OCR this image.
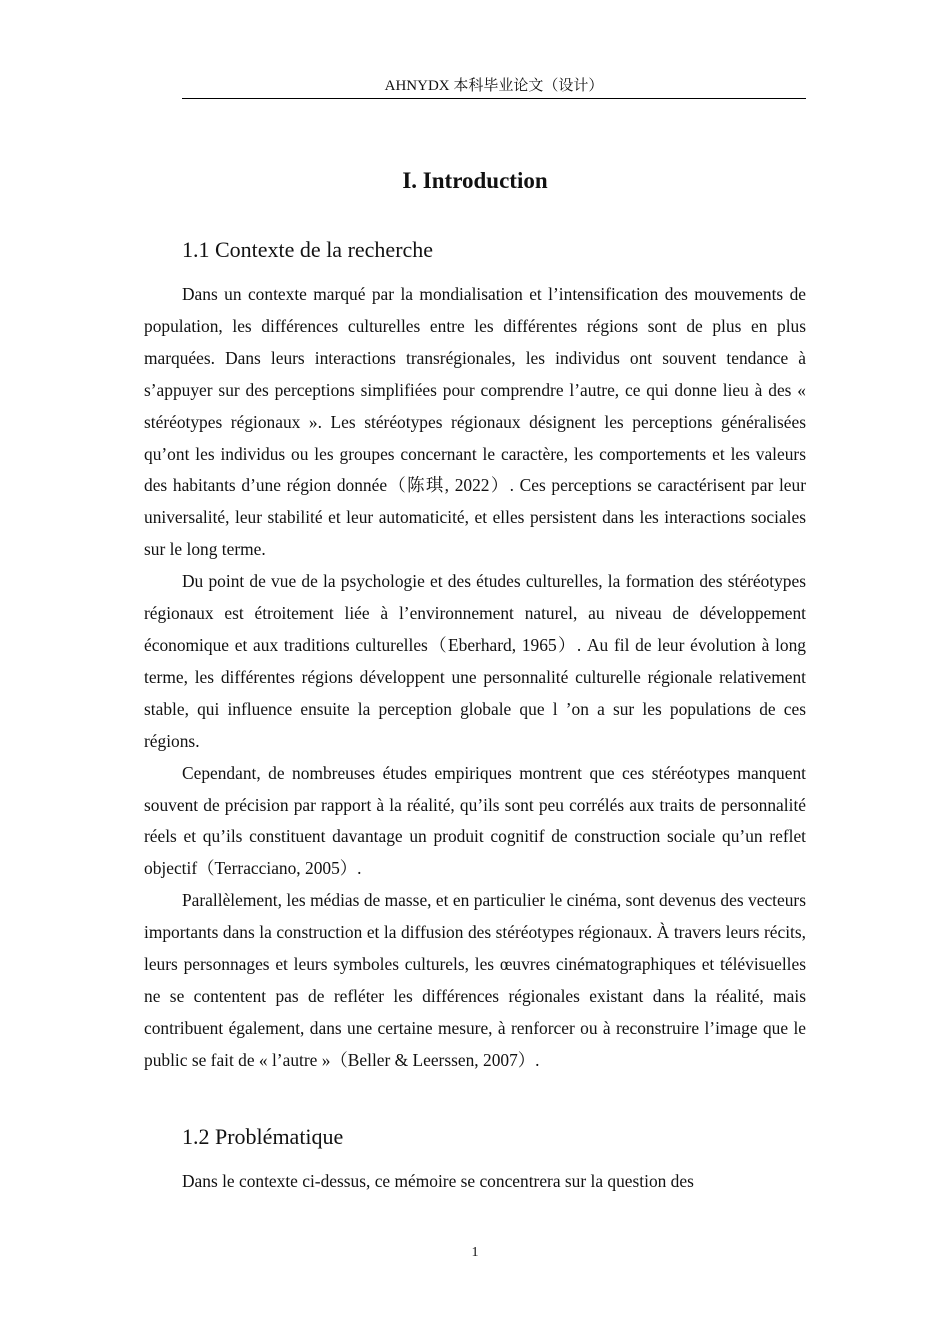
AHNYDX 本科毕业论文（设计）
I. Introduction
1.1 Contexte de la recherche

Dans un contexte marqué par la mondialisation et l’intensification des mouvements de population, les différences culturelles entre les différentes régions sont de plus en plus marquées. Dans leurs interactions transrégionales, les individus ont souvent tendance à s’appuyer sur des perceptions simplifiées pour comprendre l’autre, ce qui donne lieu à des « stéréotypes régionaux ». Les stéréotypes régionaux désignent les perceptions généralisées qu’ont les individus ou les groupes concernant le caractère, les comportements et les valeurs des habitants d’une région donnée（陈琪, 2022）. Ces perceptions se caractérisent par leur universalité, leur stabilité et leur automaticité, et elles persistent dans les interactions sociales sur le long terme.

Du point de vue de la psychologie et des études culturelles, la formation des stéréotypes régionaux est étroitement liée à l’environnement naturel, au niveau de développement économique et aux traditions culturelles（Eberhard, 1965）. Au fil de leur évolution à long terme, les différentes régions développent une personnalité culturelle régionale relativement stable, qui influence ensuite la perception globale que l ’on a sur les populations de ces régions.

Cependant, de nombreuses études empiriques montrent que ces stéréotypes manquent souvent de précision par rapport à la réalité, qu’ils sont peu corrélés aux traits de personnalité réels et qu’ils constituent davantage un produit cognitif de construction sociale qu’un reflet objectif（Terracciano, 2005）.

Parallèlement, les médias de masse, et en particulier le cinéma, sont devenus des vecteurs importants dans la construction et la diffusion des stéréotypes régionaux. À travers leurs récits, leurs personnages et leurs symboles culturels, les œuvres cinématographiques et télévisuelles ne se contentent pas de refléter les différences régionales existant dans la réalité, mais contribuent également, dans une certaine mesure, à renforcer ou à reconstruire l’image que le public se fait de « l’autre »（Beller & Leerssen, 2007）.

1.2 Problématique

Dans le contexte ci-dessus, ce mémoire se concentrera sur la question des

1
